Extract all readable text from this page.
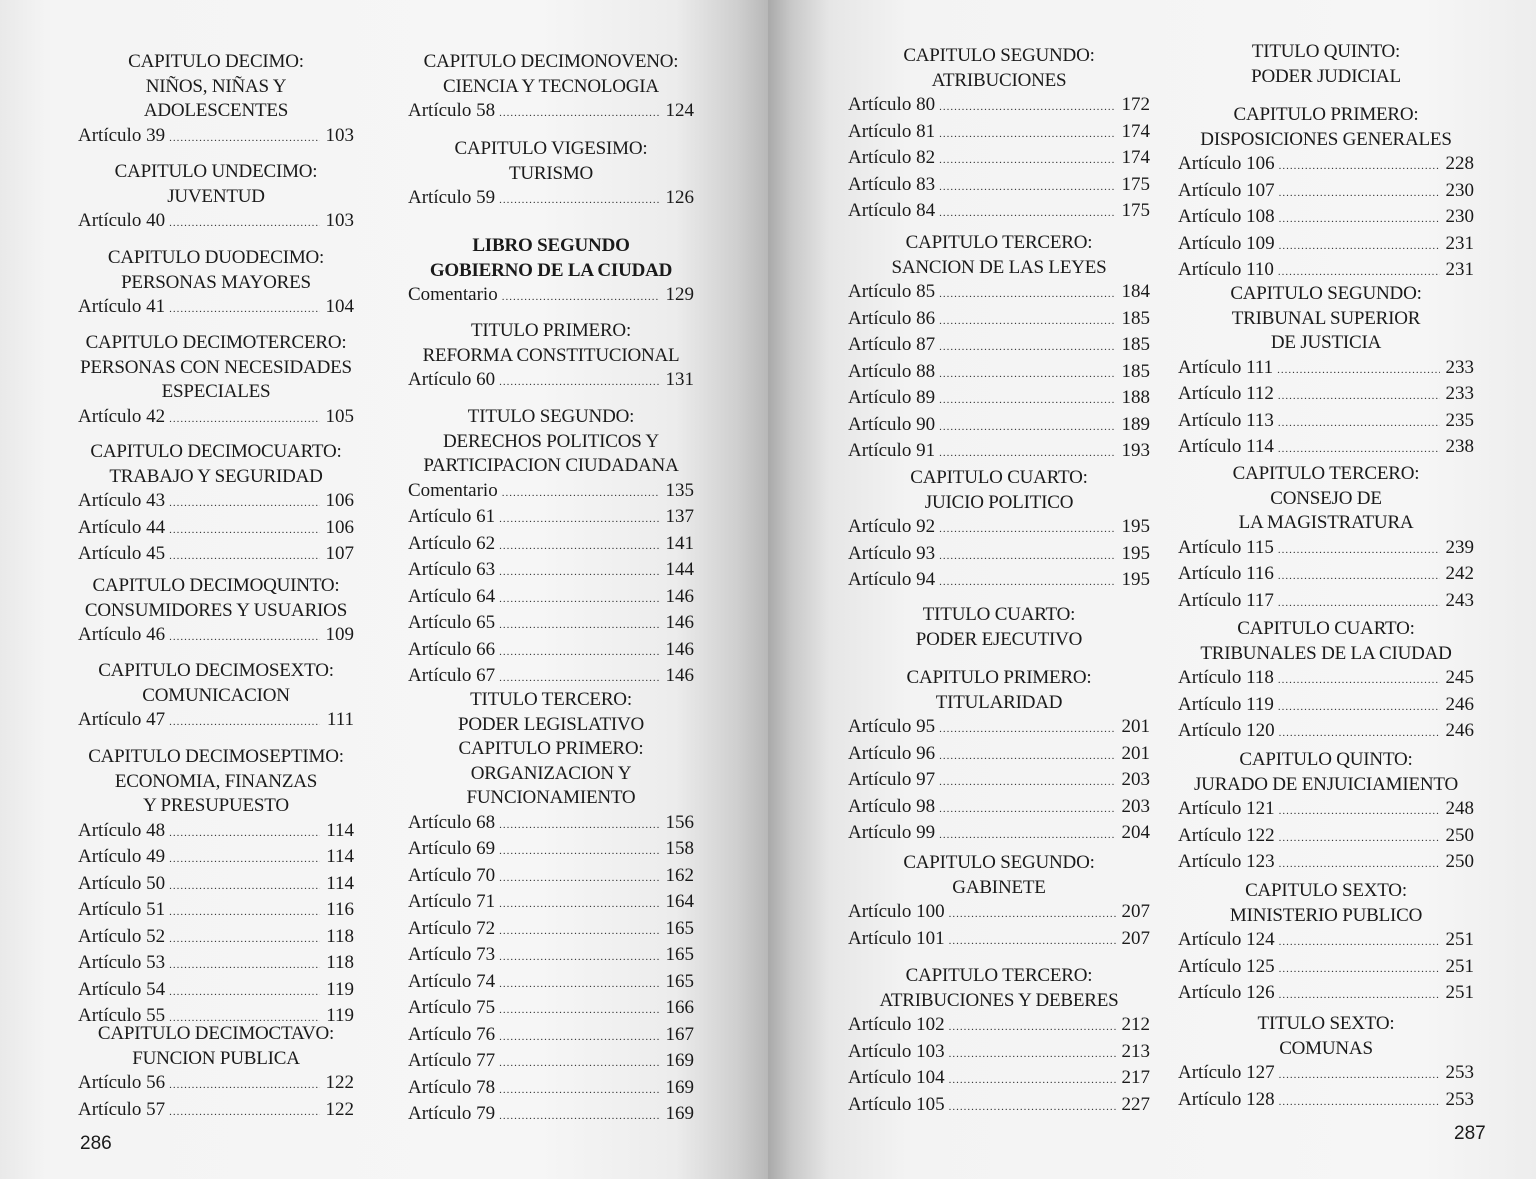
CAPITULO DECIMO:
NIÑOS, NIÑAS Y
ADOLESCENTES
Artículo 39 .....	103
CAPITULO UNDECIMO:
JUVENTUD
Artículo 40 .....	103
CAPITULO DUODECIMO:
PERSONAS MAYORES
Artículo 41 .....	104
CAPITULO DECIMOTERCERO:
PERSONAS CON NECESIDADES
ESPECIALES
Artículo 42 .....	105
CAPITULO DECIMOCUARTO:
TRABAJO Y SEGURIDAD
Artículo 43 .....	106
Artículo 44 .....	106
Artículo 45 .....	107
CAPITULO DECIMOQUINTO:
CONSUMIDORES Y USUARIOS
Artículo 46 .....	109
CAPITULO DECIMOSEXTO:
COMUNICACION
Artículo 47 .....	111
CAPITULO DECIMOSEPTIMO:
ECONOMIA, FINANZAS
Y PRESUPUESTO
Artículo 48 .....	114
Artículo 49 .....	114
Artículo 50 .....	114
Artículo 51 .....	116
Artículo 52 .....	118
Artículo 53 .....	118
Artículo 54 .....	119
Artículo 55 .....	119
CAPITULO DECIMOCTAVO:
FUNCION PUBLICA
Artículo 56 .....	122
Artículo 57 .....	122
CAPITULO DECIMONOVENO:
CIENCIA Y TECNOLOGIA
Artículo 58 .....	124
CAPITULO VIGESIMO:
TURISMO
Artículo 59 .....	126
LIBRO SEGUNDO
GOBIERNO DE LA CIUDAD
Comentario .....	129
TITULO PRIMERO:
REFORMA CONSTITUCIONAL
Artículo 60 .....	131
TITULO SEGUNDO:
DERECHOS POLITICOS Y
PARTICIPACION CIUDADANA
Comentario .....	135
Artículo 61 .....	137
Artículo 62 .....	141
Artículo 63 .....	144
Artículo 64 .....	146
Artículo 65 .....	146
Artículo 66 .....	146
Artículo 67 .....	146
TITULO TERCERO:
PODER LEGISLATIVO
CAPITULO PRIMERO:
ORGANIZACION Y
FUNCIONAMIENTO
Artículo 68 .....	156
Artículo 69 .....	158
Artículo 70 .....	162
Artículo 71 .....	164
Artículo 72 .....	165
Artículo 73 .....	165
Artículo 74 .....	165
Artículo 75 .....	166
Artículo 76 .....	167
Artículo 77 .....	169
Artículo 78 .....	169
Artículo 79 .....	169
286
CAPITULO SEGUNDO:
ATRIBUCIONES
Artículo 80 .....	172
Artículo 81 .....	174
Artículo 82 .....	174
Artículo 83 .....	175
Artículo 84 .....	175
CAPITULO TERCERO:
SANCION DE LAS LEYES
Artículo 85 .....	184
Artículo 86 .....	185
Artículo 87 .....	185
Artículo 88 .....	185
Artículo 89 .....	188
Artículo 90 .....	189
Artículo 91 .....	193
CAPITULO CUARTO:
JUICIO POLITICO
Artículo 92 .....	195
Artículo 93 .....	195
Artículo 94 .....	195
TITULO CUARTO:
PODER EJECUTIVO
CAPITULO PRIMERO:
TITULARIDAD
Artículo 95 .....	201
Artículo 96 .....	201
Artículo 97 .....	203
Artículo 98 .....	203
Artículo 99 .....	204
CAPITULO SEGUNDO:
GABINETE
Artículo 100 .....	207
Artículo 101 .....	207
CAPITULO TERCERO:
ATRIBUCIONES Y DEBERES
Artículo 102 .....	212
Artículo 103 .....	213
Artículo 104 .....	217
Artículo 105 .....	227
TITULO QUINTO:
PODER JUDICIAL
CAPITULO PRIMERO:
DISPOSICIONES GENERALES
Artículo 106 .....	228
Artículo 107 .....	230
Artículo 108 .....	230
Artículo 109 .....	231
Artículo 110 .....	231
CAPITULO SEGUNDO:
TRIBUNAL SUPERIOR
DE JUSTICIA
Artículo 111 .....	233
Artículo 112 .....	233
Artículo 113 .....	235
Artículo 114 .....	238
CAPITULO TERCERO:
CONSEJO DE
LA MAGISTRATURA
Artículo 115 .....	239
Artículo 116 .....	242
Artículo 117 .....	243
CAPITULO CUARTO:
TRIBUNALES DE LA CIUDAD
Artículo 118 .....	245
Artículo 119 .....	246
Artículo 120 .....	246
CAPITULO QUINTO:
JURADO DE ENJUICIAMIENTO
Artículo 121 .....	248
Artículo 122 .....	250
Artículo 123 .....	250
CAPITULO SEXTO:
MINISTERIO PUBLICO
Artículo 124 .....	251
Artículo 125 .....	251
Artículo 126 .....	251
TITULO SEXTO:
COMUNAS
Artículo 127 .....	253
Artículo 128 .....	253
287
